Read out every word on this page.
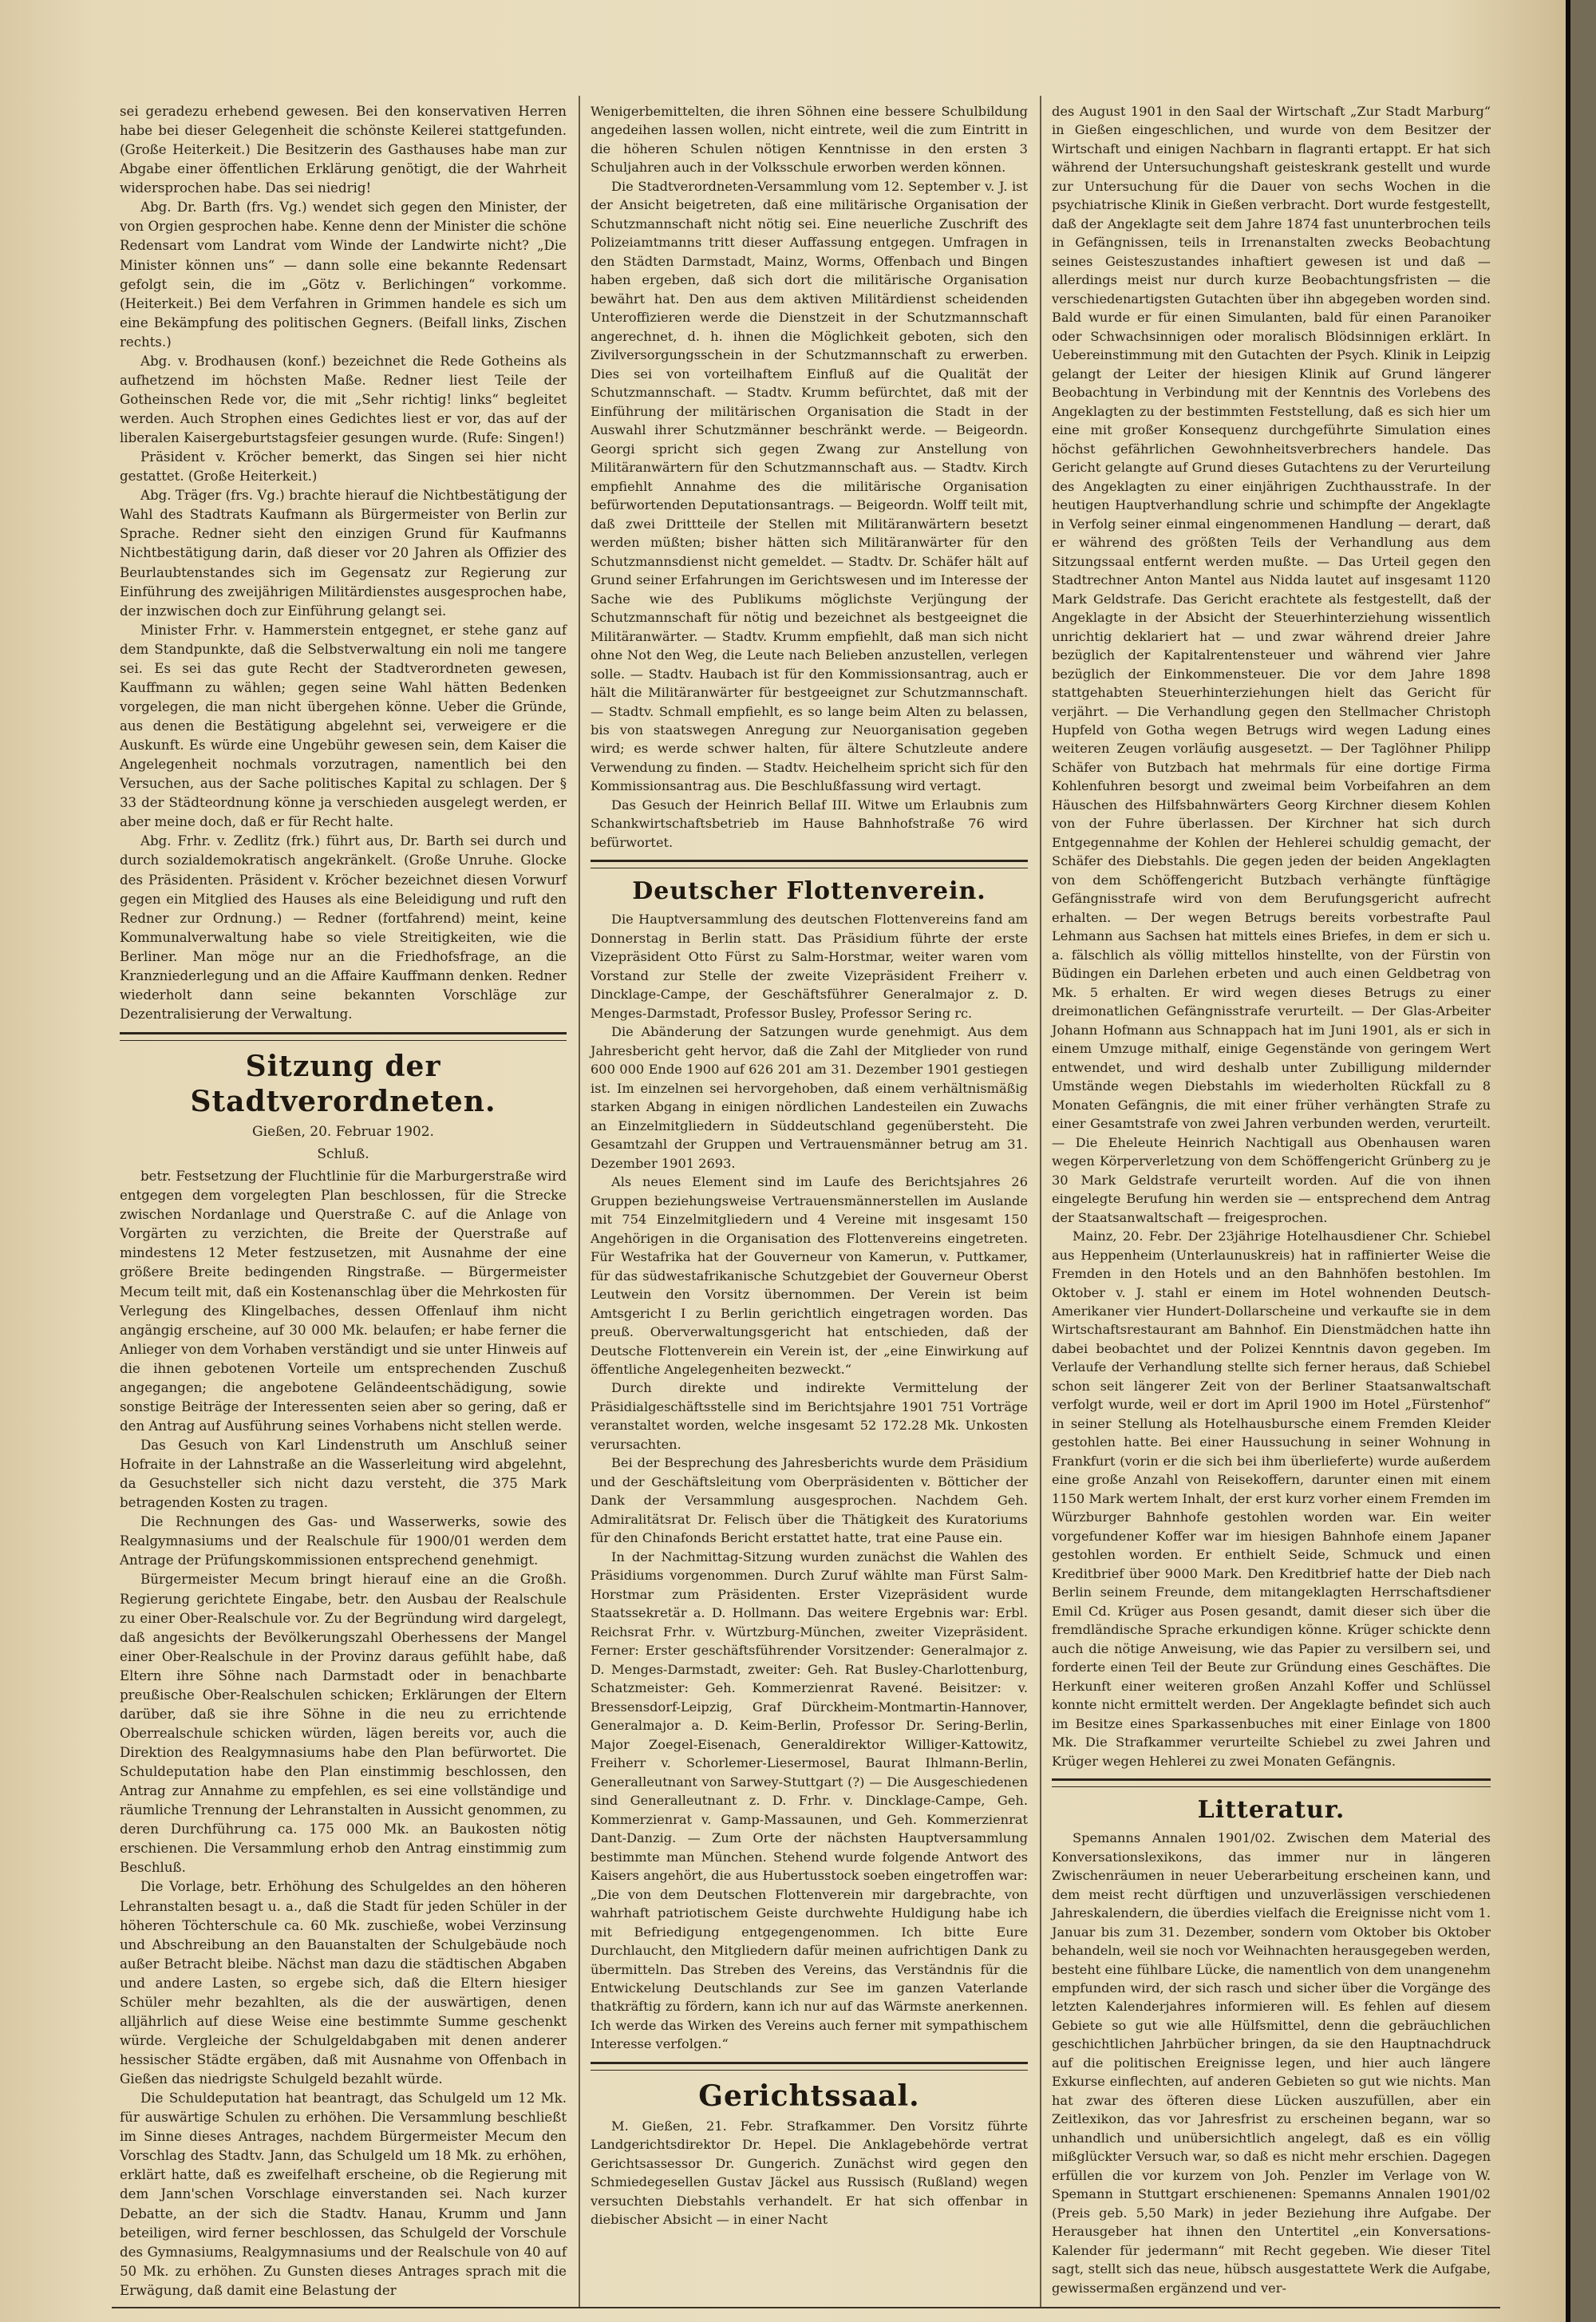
sei geradezu erhebend gewesen. Bei den konservativen Herren habe bei dieser Gelegenheit die schönste Keilerei stattgefunden. (Große Heiterkeit.) Die Besitzerin des Gasthauses habe man zur Abgabe einer öffentlichen Erklärung genötigt, die der Wahrheit widersprochen habe. Das sei niedrig!

Abg. Dr. Barth (frs. Vg.) wendet sich gegen den Minister, der von Orgien gesprochen habe. Kenne denn der Minister die schöne Redensart vom Landrat vom Winde der Landwirte nicht? „Die Minister können uns“ — dann solle eine bekannte Redensart gefolgt sein, die im „Götz v. Berlichingen“ vorkomme. (Heiterkeit.) Bei dem Verfahren in Grimmen handele es sich um eine Bekämpfung des politischen Gegners. (Beifall links, Zischen rechts.)

Abg. v. Brodhausen (konf.) bezeichnet die Rede Gotheins als aufhetzend im höchsten Maße. Redner liest Teile der Gotheinschen Rede vor, die mit „Sehr richtig! links“ begleitet werden. Auch Strophen eines Gedichtes liest er vor, das auf der liberalen Kaisergeburtstagsfeier gesungen wurde. (Rufe: Singen!)

Präsident v. Kröcher bemerkt, das Singen sei hier nicht gestattet. (Große Heiterkeit.)

Abg. Träger (frs. Vg.) brachte hierauf die Nichtbestätigung der Wahl des Stadtrats Kaufmann als Bürgermeister von Berlin zur Sprache. Redner sieht den einzigen Grund für Kaufmanns Nichtbestätigung darin, daß dieser vor 20 Jahren als Offizier des Beurlaubtenstandes sich im Gegensatz zur Regierung zur Einführung des zweijährigen Militärdienstes ausgesprochen habe, der inzwischen doch zur Einführung gelangt sei.

Minister Frhr. v. Hammerstein entgegnet, er stehe ganz auf dem Standpunkte, daß die Selbstverwaltung ein noli me tangere sei. Es sei das gute Recht der Stadtverordneten gewesen, Kauffmann zu wählen; gegen seine Wahl hätten Bedenken vorgelegen, die man nicht übergehen könne. Ueber die Gründe, aus denen die Bestätigung abgelehnt sei, verweigere er die Auskunft. Es würde eine Ungebühr gewesen sein, dem Kaiser die Angelegenheit nochmals vorzutragen, namentlich bei den Versuchen, aus der Sache politisches Kapital zu schlagen. Der § 33 der Städteordnung könne ja verschieden ausgelegt werden, er aber meine doch, daß er für Recht halte.

Abg. Frhr. v. Zedlitz (frk.) führt aus, Dr. Barth sei durch und durch sozialdemokratisch angekränkelt. (Große Unruhe. Glocke des Präsidenten. Präsident v. Kröcher bezeichnet diesen Vorwurf gegen ein Mitglied des Hauses als eine Beleidigung und ruft den Redner zur Ordnung.) — Redner (fortfahrend) meint, keine Kommunalverwaltung habe so viele Streitigkeiten, wie die Berliner. Man möge nur an die Friedhofsfrage, an die Kranzniederlegung und an die Affaire Kauffmann denken. Redner wiederholt dann seine bekannten Vorschläge zur Dezentralisierung der Verwaltung.

Sitzung der Stadtverordneten.
Gießen, 20. Februar 1902.
Schluß.

betr. Festsetzung der Fluchtlinie für die Marburgerstraße wird entgegen dem vorgelegten Plan beschlossen, für die Strecke zwischen Nordanlage und Querstraße C. auf die Anlage von Vorgärten zu verzichten, die Breite der Querstraße auf mindestens 12 Meter festzusetzen, mit Ausnahme der eine größere Breite bedingenden Ringstraße. — Bürgermeister Mecum teilt mit, daß ein Kostenanschlag über die Mehrkosten für Verlegung des Klingelbaches, dessen Offenlauf ihm nicht angängig erscheine, auf 30 000 Mk. belaufen; er habe ferner die Anlieger von dem Vorhaben verständigt und sie unter Hinweis auf die ihnen gebotenen Vorteile um entsprechenden Zuschuß angegangen; die angebotene Geländeentschädigung, sowie sonstige Beiträge der Interessenten seien aber so gering, daß er den Antrag auf Ausführung seines Vorhabens nicht stellen werde.

Das Gesuch von Karl Lindenstruth um Anschluß seiner Hofraite in der Lahnstraße an die Wasserleitung wird abgelehnt, da Gesuchsteller sich nicht dazu versteht, die 375 Mark betragenden Kosten zu tragen.

Die Rechnungen des Gas- und Wasserwerks, sowie des Realgymnasiums und der Realschule für 1900/01 werden dem Antrage der Prüfungskommissionen entsprechend genehmigt.

Bürgermeister Mecum bringt hierauf eine an die Großh. Regierung gerichtete Eingabe, betr. den Ausbau der Realschule zu einer Ober-Realschule vor. Zu der Begründung wird dargelegt, daß angesichts der Bevölkerungszahl Oberhessens der Mangel einer Ober-Realschule in der Provinz daraus gefühlt habe, daß Eltern ihre Söhne nach Darmstadt oder in benachbarte preußische Ober-Realschulen schicken; Erklärungen der Eltern darüber, daß sie ihre Söhne in die neu zu errichtende Oberrealschule schicken würden, lägen bereits vor, auch die Direktion des Realgymnasiums habe den Plan befürwortet. Die Schuldeputation habe den Plan einstimmig beschlossen, den Antrag zur Annahme zu empfehlen, es sei eine vollständige und räumliche Trennung der Lehranstalten in Aussicht genommen, zu deren Durchführung ca. 175 000 Mk. an Baukosten nötig erschienen. Die Versammlung erhob den Antrag einstimmig zum Beschluß.

Die Vorlage, betr. Erhöhung des Schulgeldes an den höheren Lehranstalten besagt u. a., daß die Stadt für jeden Schüler in der höheren Töchterschule ca. 60 Mk. zuschieße, wobei Verzinsung und Abschreibung an den Bauanstalten der Schulgebäude noch außer Betracht bleibe. Nächst man dazu die städtischen Abgaben und andere Lasten, so ergebe sich, daß die Eltern hiesiger Schüler mehr bezahlten, als die der auswärtigen, denen alljährlich auf diese Weise eine bestimmte Summe geschenkt würde. Vergleiche der Schulgeldabgaben mit denen anderer hessischer Städte ergäben, daß mit Ausnahme von Offenbach in Gießen das niedrigste Schulgeld bezahlt würde.

Die Schuldeputation hat beantragt, das Schulgeld um 12 Mk. für auswärtige Schulen zu erhöhen. Die Versammlung beschließt im Sinne dieses Antrages, nachdem Bürgermeister Mecum den Vorschlag des Stadtv. Jann, das Schulgeld um 18 Mk. zu erhöhen, erklärt hatte, daß es zweifelhaft erscheine, ob die Regierung mit dem Jann'schen Vorschlage einverstanden sei. Nach kurzer Debatte, an der sich die Stadtv. Hanau, Krumm und Jann beteiligen, wird ferner beschlossen, das Schulgeld der Vorschule des Gymnasiums, Realgymnasiums und der Realschule von 40 auf 50 Mk. zu erhöhen. Zu Gunsten dieses Antrages sprach mit die Erwägung, daß damit eine Belastung der

Wenigerbemittelten, die ihren Söhnen eine bessere Schulbildung angedeihen lassen wollen, nicht eintrete, weil die zum Eintritt in die höheren Schulen nötigen Kenntnisse in den ersten 3 Schuljahren auch in der Volksschule erworben werden können.

Die Stadtverordneten-Versammlung vom 12. September v. J. ist der Ansicht beigetreten, daß eine militärische Organisation der Schutzmannschaft nicht nötig sei. Eine neuerliche Zuschrift des Polizeiamtmanns tritt dieser Auffassung entgegen. Umfragen in den Städten Darmstadt, Mainz, Worms, Offenbach und Bingen haben ergeben, daß sich dort die militärische Organisation bewährt hat. Den aus dem aktiven Militärdienst scheidenden Unteroffizieren werde die Dienstzeit in der Schutzmannschaft angerechnet, d. h. ihnen die Möglichkeit geboten, sich den Zivilversorgungsschein in der Schutzmannschaft zu erwerben. Dies sei von vorteilhaftem Einfluß auf die Qualität der Schutzmannschaft. — Stadtv. Krumm befürchtet, daß mit der Einführung der militärischen Organisation die Stadt in der Auswahl ihrer Schutzmänner beschränkt werde. — Beigeordn. Georgi spricht sich gegen Zwang zur Anstellung von Militäranwärtern für den Schutzmannschaft aus. — Stadtv. Kirch empfiehlt Annahme des die militärische Organisation befürwortenden Deputationsantrags. — Beigeordn. Wolff teilt mit, daß zwei Drittteile der Stellen mit Militäranwärtern besetzt werden müßten; bisher hätten sich Militäranwärter für den Schutzmannsdienst nicht gemeldet. — Stadtv. Dr. Schäfer hält auf Grund seiner Erfahrungen im Gerichtswesen und im Interesse der Sache wie des Publikums möglichste Verjüngung der Schutzmannschaft für nötig und bezeichnet als bestgeeignet die Militäranwärter. — Stadtv. Krumm empfiehlt, daß man sich nicht ohne Not den Weg, die Leute nach Belieben anzustellen, verlegen solle. — Stadtv. Haubach ist für den Kommissionsantrag, auch er hält die Militäranwärter für bestgeeignet zur Schutzmannschaft. — Stadtv. Schmall empfiehlt, es so lange beim Alten zu belassen, bis von staatswegen Anregung zur Neuorganisation gegeben wird; es werde schwer halten, für ältere Schutzleute andere Verwendung zu finden. — Stadtv. Heichelheim spricht sich für den Kommissionsantrag aus. Die Beschlußfassung wird vertagt.

Das Gesuch der Heinrich Bellaf III. Witwe um Erlaubnis zum Schankwirtschaftsbetrieb im Hause Bahnhofstraße 76 wird befürwortet.

Deutscher Flottenverein.

Die Hauptversammlung des deutschen Flottenvereins fand am Donnerstag in Berlin statt. Das Präsidium führte der erste Vizepräsident Otto Fürst zu Salm-Horstmar, weiter waren vom Vorstand zur Stelle der zweite Vizepräsident Freiherr v. Dincklage-Campe, der Geschäftsführer Generalmajor z. D. Menges-Darmstadt, Professor Busley, Professor Sering rc.

Die Abänderung der Satzungen wurde genehmigt. Aus dem Jahresbericht geht hervor, daß die Zahl der Mitglieder von rund 600 000 Ende 1900 auf 626 201 am 31. Dezember 1901 gestiegen ist. Im einzelnen sei hervorgehoben, daß einem verhältnismäßig starken Abgang in einigen nördlichen Landesteilen ein Zuwachs an Einzelmitgliedern in Süddeutschland gegenübersteht. Die Gesamtzahl der Gruppen und Vertrauensmänner betrug am 31. Dezember 1901 2693.

Als neues Element sind im Laufe des Berichtsjahres 26 Gruppen beziehungsweise Vertrauensmännerstellen im Auslande mit 754 Einzelmitgliedern und 4 Vereine mit insgesamt 150 Angehörigen in die Organisation des Flottenvereins eingetreten. Für Westafrika hat der Gouverneur von Kamerun, v. Puttkamer, für das südwestafrikanische Schutzgebiet der Gouverneur Oberst Leutwein den Vorsitz übernommen. Der Verein ist beim Amtsgericht I zu Berlin gerichtlich eingetragen worden. Das preuß. Oberverwaltungsgericht hat entschieden, daß der Deutsche Flottenverein ein Verein ist, der „eine Einwirkung auf öffentliche Angelegenheiten bezweckt.“

Durch direkte und indirekte Vermittelung der Präsidialgeschäftsstelle sind im Berichtsjahre 1901 751 Vorträge veranstaltet worden, welche insgesamt 52 172.28 Mk. Unkosten verursachten.

Bei der Besprechung des Jahresberichts wurde dem Präsidium und der Geschäftsleitung vom Oberpräsidenten v. Bötticher der Dank der Versammlung ausgesprochen. Nachdem Geh. Admiralitätsrat Dr. Felisch über die Thätigkeit des Kuratoriums für den Chinafonds Bericht erstattet hatte, trat eine Pause ein.

In der Nachmittag-Sitzung wurden zunächst die Wahlen des Präsidiums vorgenommen. Durch Zuruf wählte man Fürst Salm-Horstmar zum Präsidenten. Erster Vizepräsident wurde Staatssekretär a. D. Hollmann. Das weitere Ergebnis war: Erbl. Reichsrat Frhr. v. Würtzburg-München, zweiter Vizepräsident. Ferner: Erster geschäftsführender Vorsitzender: Generalmajor z. D. Menges-Darmstadt, zweiter: Geh. Rat Busley-Charlottenburg, Schatzmeister: Geh. Kommerzienrat Ravené. Beisitzer: v. Bressensdorf-Leipzig, Graf Dürckheim-Montmartin-Hannover, Generalmajor a. D. Keim-Berlin, Professor Dr. Sering-Berlin, Major Zoegel-Eisenach, Generaldirektor Williger-Kattowitz, Freiherr v. Schorlemer-Liesermosel, Baurat Ihlmann-Berlin, Generalleutnant von Sarwey-Stuttgart (?) — Die Ausgeschiedenen sind Generalleutnant z. D. Frhr. v. Dincklage-Campe, Geh. Kommerzienrat v. Gamp-Massaunen, und Geh. Kommerzienrat Dant-Danzig. — Zum Orte der nächsten Hauptversammlung bestimmte man München. Stehend wurde folgende Antwort des Kaisers angehört, die aus Hubertusstock soeben eingetroffen war: „Die von dem Deutschen Flottenverein mir dargebrachte, von wahrhaft patriotischem Geiste durchwehte Huldigung habe ich mit Befriedigung entgegengenommen. Ich bitte Eure Durchlaucht, den Mitgliedern dafür meinen aufrichtigen Dank zu übermitteln. Das Streben des Vereins, das Verständnis für die Entwickelung Deutschlands zur See im ganzen Vaterlande thatkräftig zu fördern, kann ich nur auf das Wärmste anerkennen. Ich werde das Wirken des Vereins auch ferner mit sympathischem Interesse verfolgen.“

Gerichtssaal.

M. Gießen, 21. Febr. Strafkammer. Den Vorsitz führte Landgerichtsdirektor Dr. Hepel. Die Anklagebehörde vertrat Gerichtsassessor Dr. Gungerich. Zunächst wird gegen den Schmiedegesellen Gustav Jäckel aus Russisch (Rußland) wegen versuchten Diebstahls verhandelt. Er hat sich offenbar in diebischer Absicht — in einer Nacht

des August 1901 in den Saal der Wirtschaft „Zur Stadt Marburg“ in Gießen eingeschlichen, und wurde von dem Besitzer der Wirtschaft und einigen Nachbarn in flagranti ertappt. Er hat sich während der Untersuchungshaft geisteskrank gestellt und wurde zur Untersuchung für die Dauer von sechs Wochen in die psychiatrische Klinik in Gießen verbracht. Dort wurde festgestellt, daß der Angeklagte seit dem Jahre 1874 fast ununterbrochen teils in Gefängnissen, teils in Irrenanstalten zwecks Beobachtung seines Geisteszustandes inhaftiert gewesen ist und daß — allerdings meist nur durch kurze Beobachtungsfristen — die verschiedenartigsten Gutachten über ihn abgegeben worden sind. Bald wurde er für einen Simulanten, bald für einen Paranoiker oder Schwachsinnigen oder moralisch Blödsinnigen erklärt. In Uebereinstimmung mit den Gutachten der Psych. Klinik in Leipzig gelangt der Leiter der hiesigen Klinik auf Grund längerer Beobachtung in Verbindung mit der Kenntnis des Vorlebens des Angeklagten zu der bestimmten Feststellung, daß es sich hier um eine mit großer Konsequenz durchgeführte Simulation eines höchst gefährlichen Gewohnheitsverbrechers handele. Das Gericht gelangte auf Grund dieses Gutachtens zu der Verurteilung des Angeklagten zu einer einjährigen Zuchthausstrafe. In der heutigen Hauptverhandlung schrie und schimpfte der Angeklagte in Verfolg seiner einmal eingenommenen Handlung — derart, daß er während des größten Teils der Verhandlung aus dem Sitzungssaal entfernt werden mußte. — Das Urteil gegen den Stadtrechner Anton Mantel aus Nidda lautet auf insgesamt 1120 Mark Geldstrafe. Das Gericht erachtete als festgestellt, daß der Angeklagte in der Absicht der Steuerhinterziehung wissentlich unrichtig deklariert hat — und zwar während dreier Jahre bezüglich der Kapitalrentensteuer und während vier Jahre bezüglich der Einkommensteuer. Die vor dem Jahre 1898 stattgehabten Steuerhinterziehungen hielt das Gericht für verjährt. — Die Verhandlung gegen den Stellmacher Christoph Hupfeld von Gotha wegen Betrugs wird wegen Ladung eines weiteren Zeugen vorläufig ausgesetzt. — Der Taglöhner Philipp Schäfer von Butzbach hat mehrmals für eine dortige Firma Kohlenfuhren besorgt und zweimal beim Vorbeifahren an dem Häuschen des Hilfsbahnwärters Georg Kirchner diesem Kohlen von der Fuhre überlassen. Der Kirchner hat sich durch Entgegennahme der Kohlen der Hehlerei schuldig gemacht, der Schäfer des Diebstahls. Die gegen jeden der beiden Angeklagten von dem Schöffengericht Butzbach verhängte fünftägige Gefängnisstrafe wird von dem Berufungsgericht aufrecht erhalten. — Der wegen Betrugs bereits vorbestrafte Paul Lehmann aus Sachsen hat mittels eines Briefes, in dem er sich u. a. fälschlich als völlig mittellos hinstellte, von der Fürstin von Büdingen ein Darlehen erbeten und auch einen Geldbetrag von Mk. 5 erhalten. Er wird wegen dieses Betrugs zu einer dreimonatlichen Gefängnisstrafe verurteilt. — Der Glas-Arbeiter Johann Hofmann aus Schnappach hat im Juni 1901, als er sich in einem Umzuge mithalf, einige Gegenstände von geringem Wert entwendet, und wird deshalb unter Zubilligung mildernder Umstände wegen Diebstahls im wiederholten Rückfall zu 8 Monaten Gefängnis, die mit einer früher verhängten Strafe zu einer Gesamtstrafe von zwei Jahren verbunden werden, verurteilt. — Die Eheleute Heinrich Nachtigall aus Obenhausen waren wegen Körperverletzung von dem Schöffengericht Grünberg zu je 30 Mark Geldstrafe verurteilt worden. Auf die von ihnen eingelegte Berufung hin werden sie — entsprechend dem Antrag der Staatsanwaltschaft — freigesprochen.

Mainz, 20. Febr. Der 23jährige Hotelhausdiener Chr. Schiebel aus Heppenheim (Unterlaunuskreis) hat in raffinierter Weise die Fremden in den Hotels und an den Bahnhöfen bestohlen. Im Oktober v. J. stahl er einem im Hotel wohnenden Deutsch-Amerikaner vier Hundert-Dollarscheine und verkaufte sie in dem Wirtschaftsrestaurant am Bahnhof. Ein Dienstmädchen hatte ihn dabei beobachtet und der Polizei Kenntnis davon gegeben. Im Verlaufe der Verhandlung stellte sich ferner heraus, daß Schiebel schon seit längerer Zeit von der Berliner Staatsanwaltschaft verfolgt wurde, weil er dort im April 1900 im Hotel „Fürstenhof“ in seiner Stellung als Hotelhausbursche einem Fremden Kleider gestohlen hatte. Bei einer Haussuchung in seiner Wohnung in Frankfurt (vorin er die sich bei ihm überlieferte) wurde außerdem eine große Anzahl von Reisekoffern, darunter einen mit einem 1150 Mark wertem Inhalt, der erst kurz vorher einem Fremden im Würzburger Bahnhofe gestohlen worden war. Ein weiter vorgefundener Koffer war im hiesigen Bahnhofe einem Japaner gestohlen worden. Er enthielt Seide, Schmuck und einen Kreditbrief über 9000 Mark. Den Kreditbrief hatte der Dieb nach Berlin seinem Freunde, dem mitangeklagten Herrschaftsdiener Emil Cd. Krüger aus Posen gesandt, damit dieser sich über die fremdländische Sprache erkundigen könne. Krüger schickte denn auch die nötige Anweisung, wie das Papier zu versilbern sei, und forderte einen Teil der Beute zur Gründung eines Geschäftes. Die Herkunft einer weiteren großen Anzahl Koffer und Schlüssel konnte nicht ermittelt werden. Der Angeklagte befindet sich auch im Besitze eines Sparkassenbuches mit einer Einlage von 1800 Mk. Die Strafkammer verurteilte Schiebel zu zwei Jahren und Krüger wegen Hehlerei zu zwei Monaten Gefängnis.

Litteratur.

Spemanns Annalen 1901/02. Zwischen dem Material des Konversationslexikons, das immer nur in längeren Zwischenräumen in neuer Ueberarbeitung erscheinen kann, und dem meist recht dürftigen und unzuverlässigen verschiedenen Jahreskalendern, die überdies vielfach die Ereignisse nicht vom 1. Januar bis zum 31. Dezember, sondern vom Oktober bis Oktober behandeln, weil sie noch vor Weihnachten herausgegeben werden, besteht eine fühlbare Lücke, die namentlich von dem unangenehm empfunden wird, der sich rasch und sicher über die Vorgänge des letzten Kalenderjahres informieren will. Es fehlen auf diesem Gebiete so gut wie alle Hülfsmittel, denn die gebräuchlichen geschichtlichen Jahrbücher bringen, da sie den Hauptnachdruck auf die politischen Ereignisse legen, und hier auch längere Exkurse einflechten, auf anderen Gebieten so gut wie nichts. Man hat zwar des öfteren diese Lücken auszufüllen, aber ein Zeitlexikon, das vor Jahresfrist zu erscheinen begann, war so unhandlich und unübersichtlich angelegt, daß es ein völlig mißglückter Versuch war, so daß es nicht mehr erschien. Dagegen erfüllen die vor kurzem von Joh. Penzler im Verlage von W. Spemann in Stuttgart erschienenen: Spemanns Annalen 1901/02 (Preis geb. 5,50 Mark) in jeder Beziehung ihre Aufgabe. Der Herausgeber hat ihnen den Untertitel „ein Konversations-Kalender für jedermann“ mit Recht gegeben. Wie dieser Titel sagt, stellt sich das neue, hübsch ausgestattete Werk die Aufgabe, gewissermaßen ergänzend und ver-
